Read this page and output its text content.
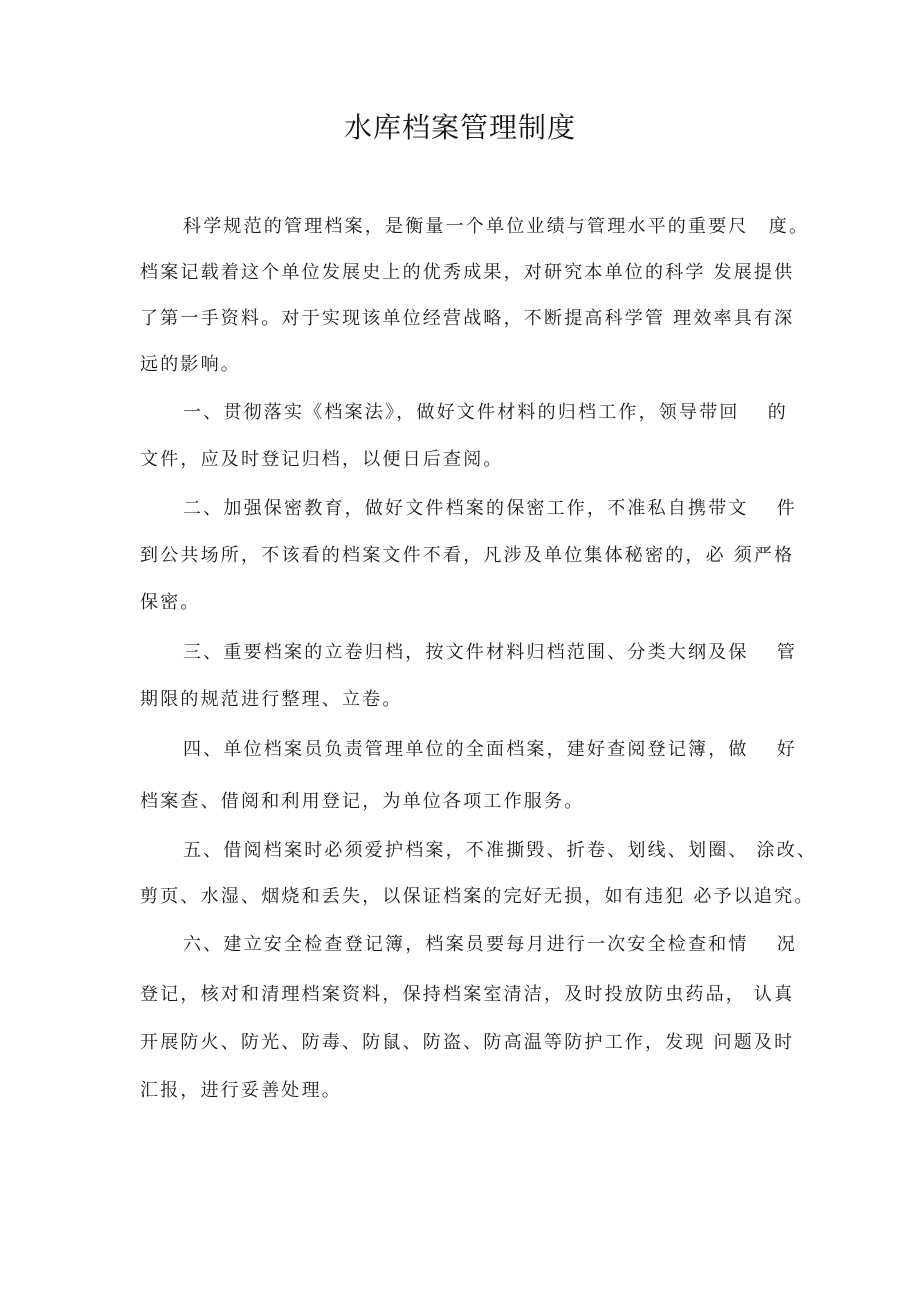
水库档案管理制度
科学规范的管理档案，是衡量一个单位业绩与管理水平的重要尺　度。
档案记载着这个单位发展史上的优秀成果，对研究本单位的科学 发展提供
了第一手资料。对于实现该单位经营战略，不断提高科学管 理效率具有深
远的影响。
一、贯彻落实《档案法》，做好文件材料的归档工作，领导带回　 的
文件，应及时登记归档，以便日后查阅。
二、加强保密教育，做好文件档案的保密工作，不准私自携带文　 件
到公共场所，不该看的档案文件不看，凡涉及单位集体秘密的，必 须严格
保密。
三、重要档案的立卷归档，按文件材料归档范围、分类大纲及保　 管
期限的规范进行整理、立卷。
四、单位档案员负责管理单位的全面档案，建好查阅登记簿，做　 好
档案查、借阅和利用登记，为单位各项工作服务。
五、借阅档案时必须爱护档案，不准撕毁、折卷、划线、划圈、 涂改、
剪页、水湿、烟烧和丢失，以保证档案的完好无损，如有违犯 必予以追究。
六、建立安全检查登记簿，档案员要每月进行一次安全检查和情　 况
登记，核对和清理档案资料，保持档案室清洁，及时投放防虫药品， 认真
开展防火、防光、防毒、防鼠、防盗、防高温等防护工作，发现 问题及时
汇报，进行妥善处理。
